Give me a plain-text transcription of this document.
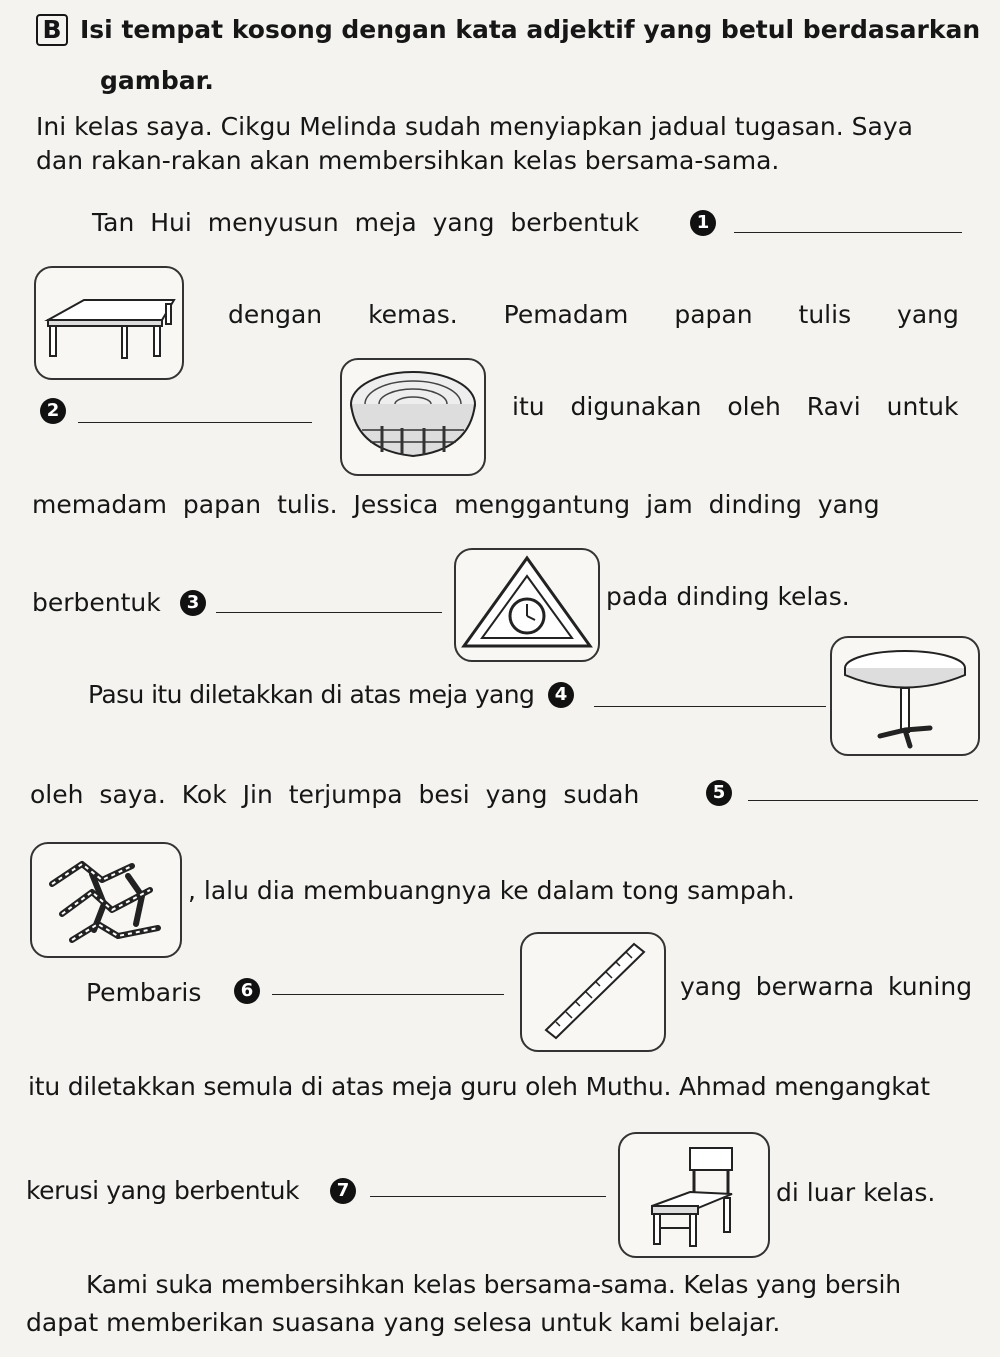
B Isi tempat kosong dengan kata adjektif yang betul berdasarkan
gambar.
Ini kelas saya. Cikgu Melinda sudah menyiapkan jadual tugasan. Saya
dan rakan-rakan akan membersihkan kelas bersama-sama.
Tan Hui menyusun meja yang berbentuk	1
dengan kemas. Pemadam papan tulis yang
2	itu digunakan oleh Ravi untuk
memadam papan tulis. Jessica menggantung jam dinding yang
berbentuk	3	pada dinding kelas.
Pasu itu diletakkan di atas meja yang	4
oleh saya. Kok Jin terjumpa besi yang sudah	5
, lalu dia membuangnya ke dalam tong sampah.
Pembaris	6	yang berwarna kuning
itu diletakkan semula di atas meja guru oleh Muthu. Ahmad mengangkat
kerusi yang berbentuk	7	di luar kelas.
Kami suka membersihkan kelas bersama-sama. Kelas yang bersih
dapat memberikan suasana yang selesa untuk kami belajar.
